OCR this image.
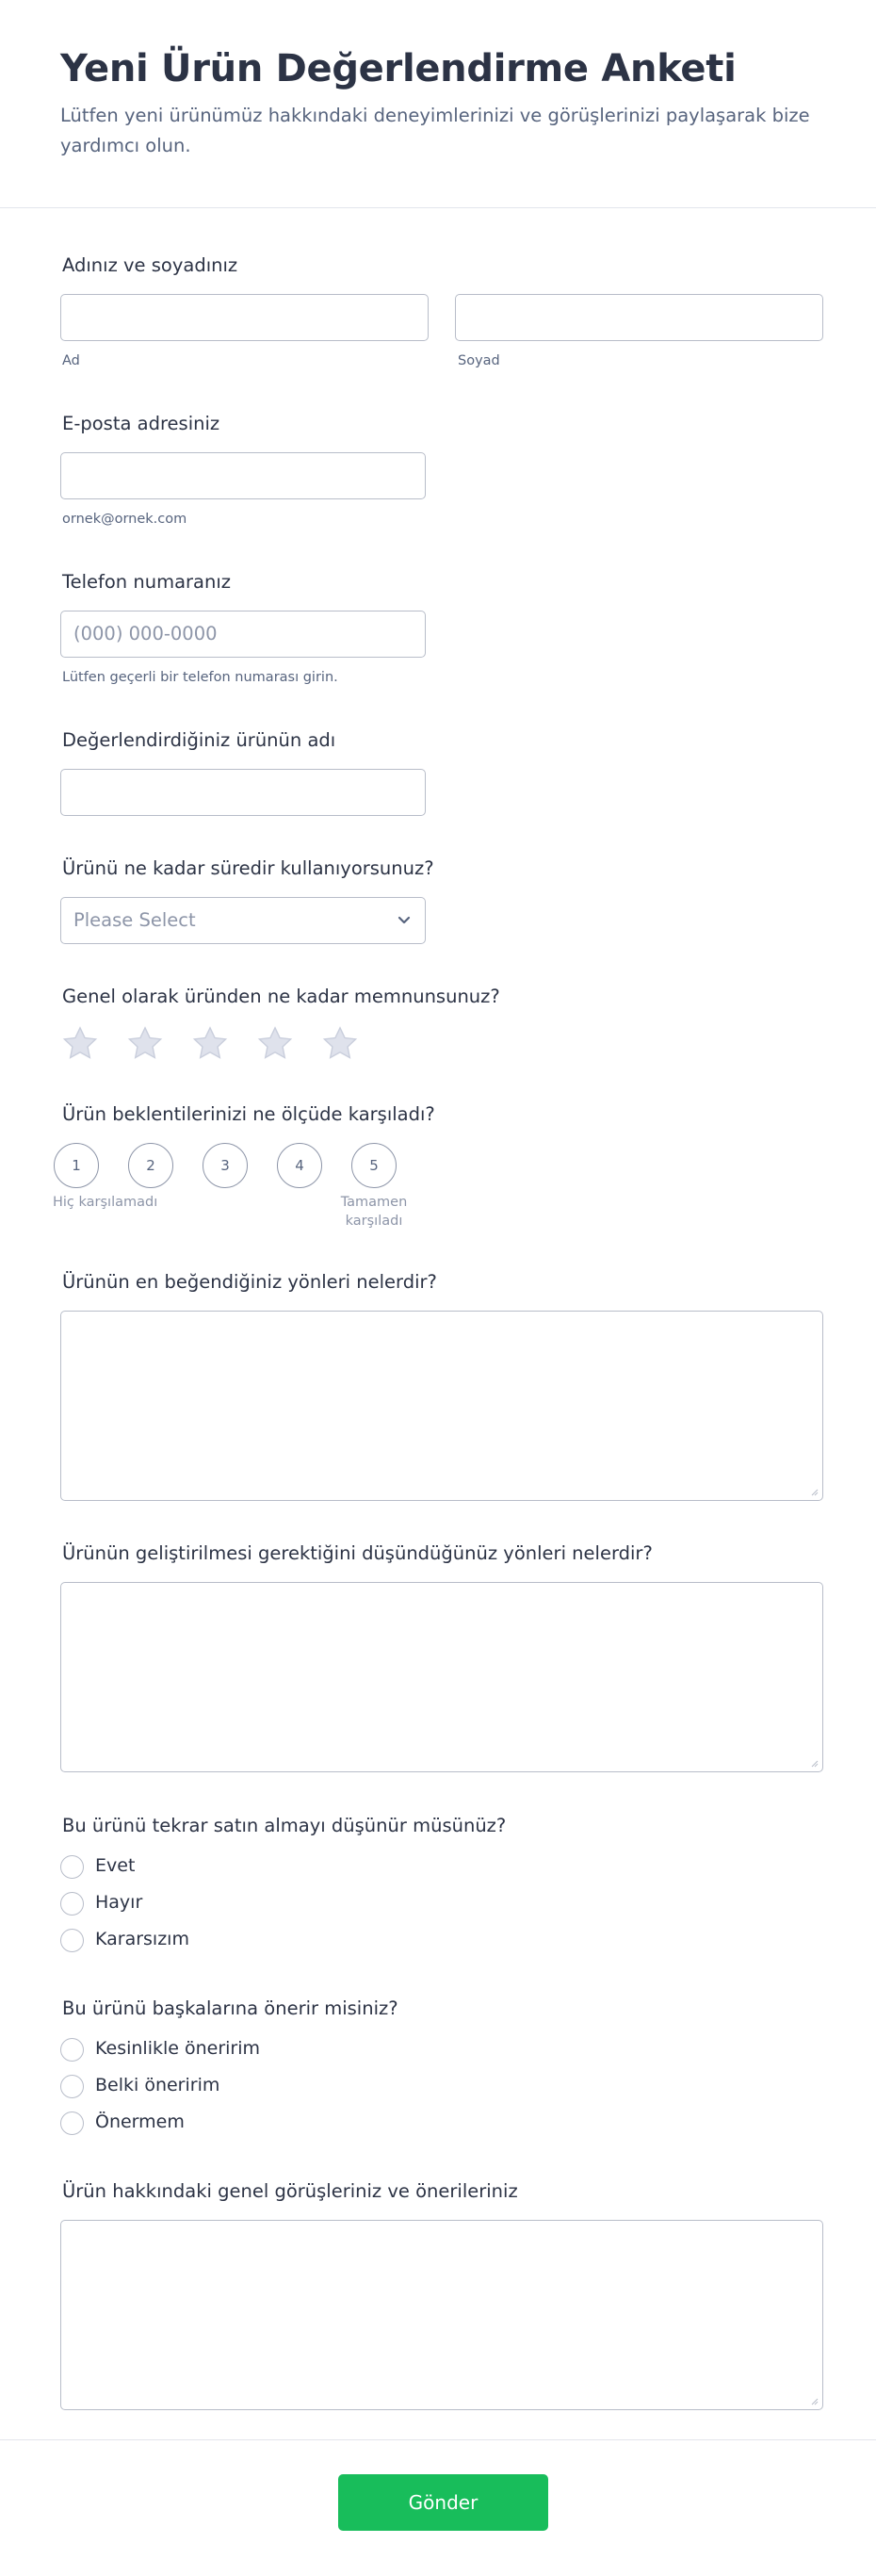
Yeni Ürün Değerlendirme Anketi

Lütfen yeni ürünümüz hakkındaki deneyimlerinizi ve görüşlerinizi paylaşarak bize yardımcı olun.

Adınız ve soyadınız
Ad	Soyad
E-posta adresiniz
ornek@ornek.com
Telefon numaranız
(000) 000-0000
Lütfen geçerli bir telefon numarası girin.
Değerlendirdiğiniz ürünün adı
Ürünü ne kadar süredir kullanıyorsunuz?
Please Select
Genel olarak üründen ne kadar memnunsunuz?
Ürün beklentilerinizi ne ölçüde karşıladı?
1	2	3	4	5
Hiç karşılamadı	Tamamen
karşıladı
Ürünün en beğendiğiniz yönleri nelerdir?
Ürünün geliştirilmesi gerektiğini düşündüğünüz yönleri nelerdir?
Bu ürünü tekrar satın almayı düşünür müsünüz?
Evet
Hayır
Kararsızım
Bu ürünü başkalarına önerir misiniz?
Kesinlikle öneririm
Belki öneririm
Önermem
Ürün hakkındaki genel görüşleriniz ve önerileriniz
Gönder
